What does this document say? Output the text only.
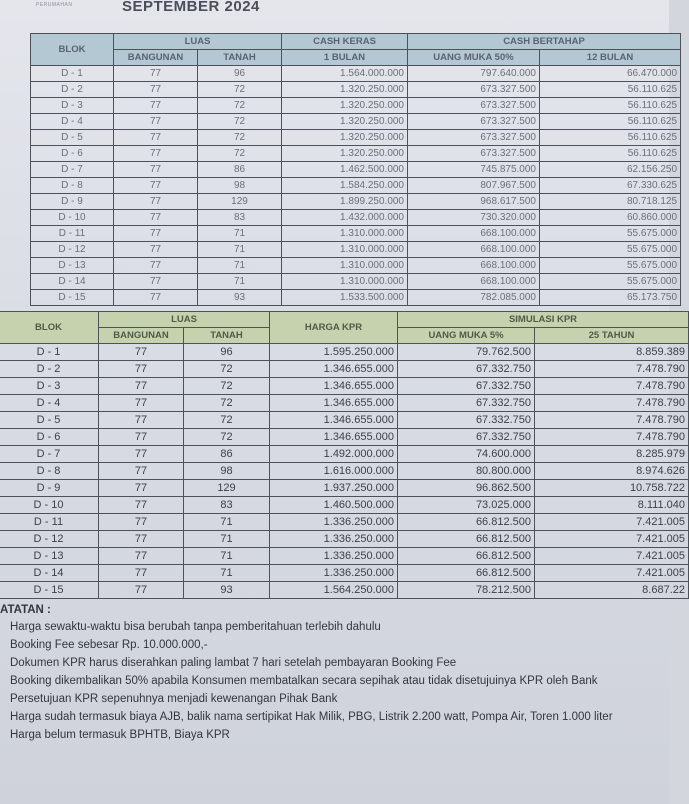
PERUMAHAN	SEPTEMBER 2024
BLOK	LUAS		CASH KERAS	CASH BERTAHAP	
	BANGUNAN	TANAH	1 BULAN	UANG MUKA 50%	12 BULAN
D - 1	77	96	1.564.000.000	797.640.000	66.470.000
D - 2	77	72	1.320.250.000	673.327.500	56.110.625
D - 3	77	72	1.320.250.000	673.327.500	56.110.625
D - 4	77	72	1.320.250.000	673.327.500	56.110.625
D - 5	77	72	1.320.250.000	673.327.500	56.110.625
D - 6	77	72	1.320.250.000	673.327.500	56.110.625
D - 7	77	86	1.462.500.000	745.875.000	62.156.250
D - 8	77	98	1.584.250.000	807.967.500	67.330.625
D - 9	77	129	1.899.250.000	968.617.500	80.718.125
D - 10	77	83	1.432.000.000	730.320.000	60.860.000
D - 11	77	71	1.310.000.000	668.100.000	55.675.000
D - 12	77	71	1.310.000.000	668.100.000	55.675.000
D - 13	77	71	1.310.000.000	668.100.000	55.675.000
D - 14	77	71	1.310.000.000	668.100.000	55.675.000
D - 15	77	93	1.533.500.000	782.085.000	65.173.750
BLOK	LUAS		HARGA KPR	SIMULASI KPR	
	BANGUNAN	TANAH		UANG MUKA 5%	25 TAHUN
D - 1	77	96	1.595.250.000	79.762.500	8.859.389
D - 2	77	72	1.346.655.000	67.332.750	7.478.790
D - 3	77	72	1.346.655.000	67.332.750	7.478.790
D - 4	77	72	1.346.655.000	67.332.750	7.478.790
D - 5	77	72	1.346.655.000	67.332.750	7.478.790
D - 6	77	72	1.346.655.000	67.332.750	7.478.790
D - 7	77	86	1.492.000.000	74.600.000	8.285.979
D - 8	77	98	1.616.000.000	80.800.000	8.974.626
D - 9	77	129	1.937.250.000	96.862.500	10.758.722
D - 10	77	83	1.460.500.000	73.025.000	8.111.040
D - 11	77	71	1.336.250.000	66.812.500	7.421.005
D - 12	77	71	1.336.250.000	66.812.500	7.421.005
D - 13	77	71	1.336.250.000	66.812.500	7.421.005
D - 14	77	71	1.336.250.000	66.812.500	7.421.005
D - 15	77	93	1.564.250.000	78.212.500	8.687.22
ATATAN :
Harga sewaktu-waktu bisa berubah tanpa pemberitahuan terlebih dahulu
Booking Fee sebesar Rp. 10.000.000,-
Dokumen KPR harus diserahkan paling lambat 7 hari setelah pembayaran Booking Fee
Booking dikembalikan 50% apabila Konsumen membatalkan secara sepihak atau tidak disetujuinya KPR oleh Bank
Persetujuan KPR sepenuhnya menjadi kewenangan Pihak Bank
Harga sudah termasuk biaya AJB, balik nama sertipikat Hak Milik, PBG, Listrik 2.200 watt, Pompa Air, Toren 1.000 liter
Harga belum termasuk BPHTB, Biaya KPR
